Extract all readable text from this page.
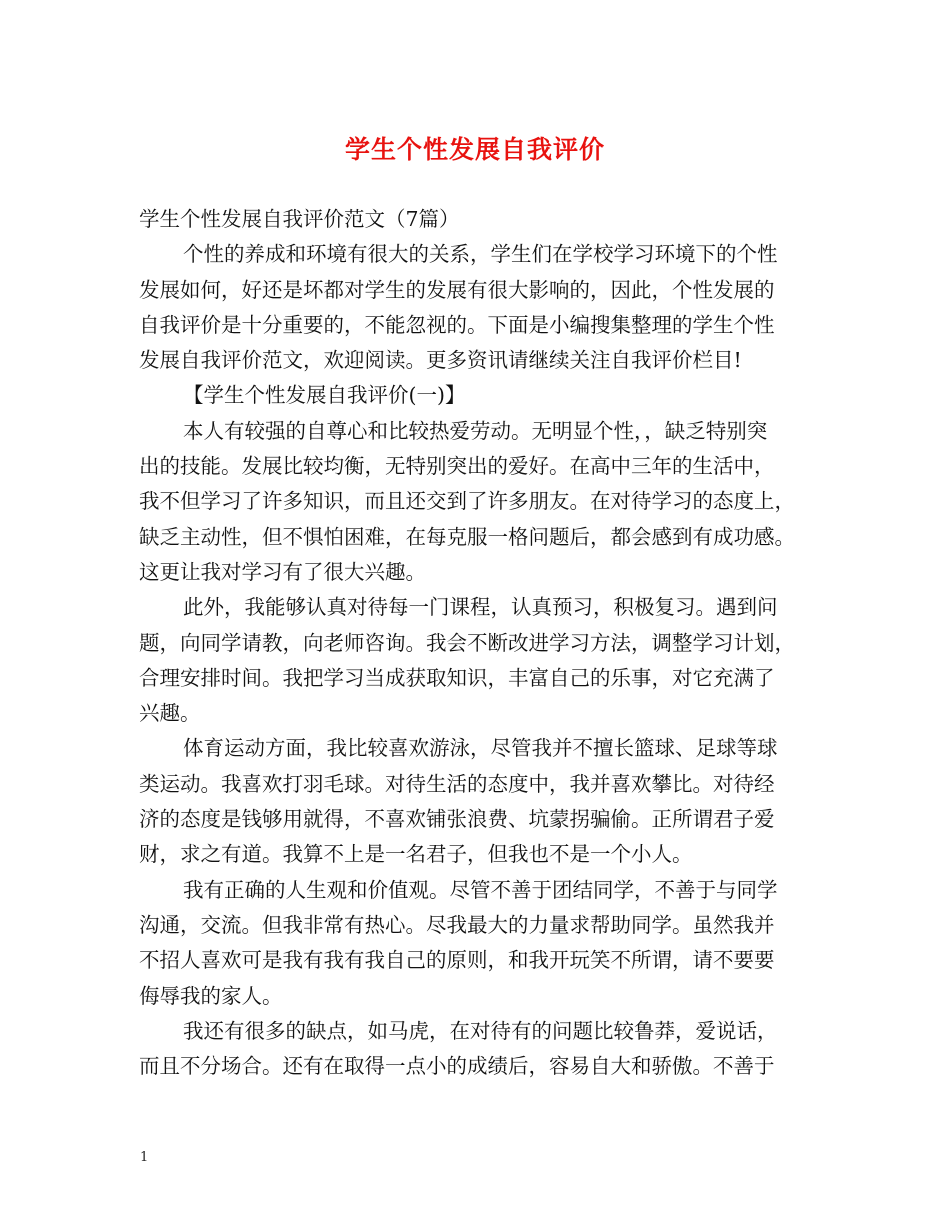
学生个性发展自我评价
学生个性发展自我评价范文（7篇）
个性的养成和环境有很大的关系，学生们在学校学习环境下的个性
发展如何，好还是坏都对学生的发展有很大影响的，因此，个性发展的
自我评价是十分重要的，不能忽视的。下面是小编搜集整理的学生个性
发展自我评价范文，欢迎阅读。更多资讯请继续关注自我评价栏目!
【学生个性发展自我评价(一)】
本人有较强的自尊心和比较热爱劳动。无明显个性，，缺乏特别突
出的技能。发展比较均衡，无特别突出的爱好。在高中三年的生活中，
我不但学习了许多知识，而且还交到了许多朋友。在对待学习的态度上，
缺乏主动性，但不惧怕困难，在每克服一格问题后，都会感到有成功感。
这更让我对学习有了很大兴趣。
此外，我能够认真对待每一门课程，认真预习，积极复习。遇到问
题，向同学请教，向老师咨询。我会不断改进学习方法，调整学习计划，
合理安排时间。我把学习当成获取知识，丰富自己的乐事，对它充满了
兴趣。
体育运动方面，我比较喜欢游泳，尽管我并不擅长篮球、足球等球
类运动。我喜欢打羽毛球。对待生活的态度中，我并喜欢攀比。对待经
济的态度是钱够用就得，不喜欢铺张浪费、坑蒙拐骗偷。正所谓君子爱
财，求之有道。我算不上是一名君子，但我也不是一个小人。
我有正确的人生观和价值观。尽管不善于团结同学，不善于与同学
沟通，交流。但我非常有热心。尽我最大的力量求帮助同学。虽然我并
不招人喜欢可是我有我有我自己的原则，和我开玩笑不所谓，请不要要
侮辱我的家人。
我还有很多的缺点，如马虎，在对待有的问题比较鲁莽，爱说话，
而且不分场合。还有在取得一点小的成绩后，容易自大和骄傲。不善于
1
